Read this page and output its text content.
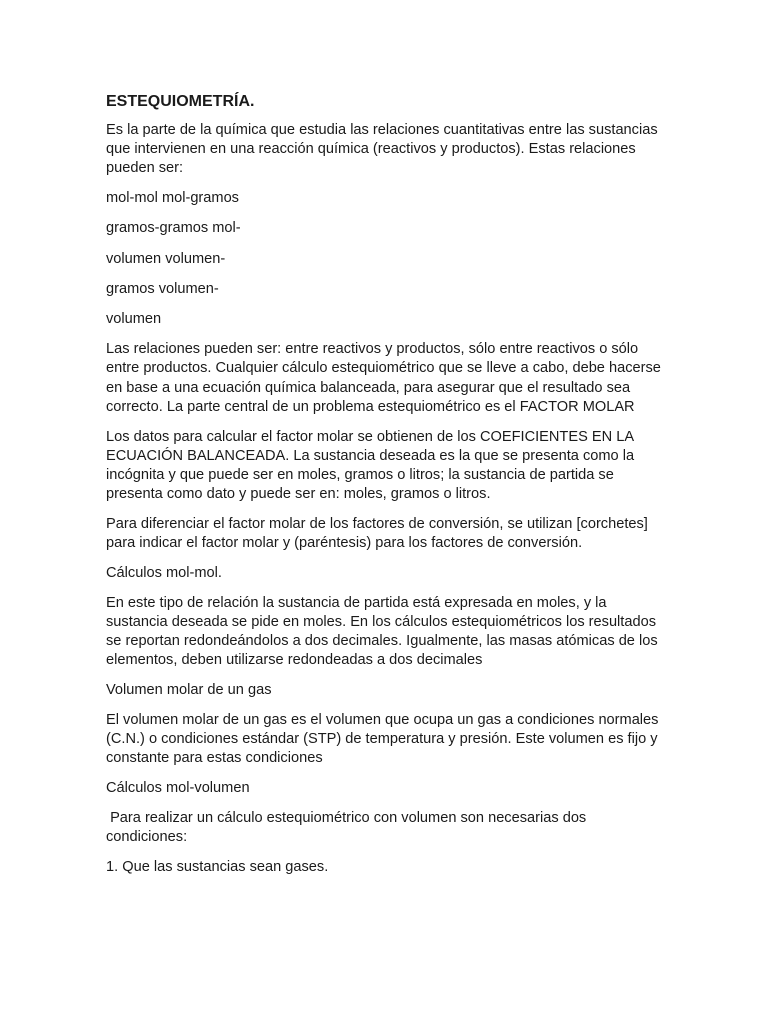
ESTEQUIOMETRÍA.

Es la parte de la química que estudia las relaciones cuantitativas entre las sustancias que intervienen en una reacción química (reactivos y productos). Estas relaciones pueden ser:

mol-mol mol-gramos

gramos-gramos mol-

volumen volumen-

gramos volumen-

volumen

Las relaciones pueden ser: entre reactivos y productos, sólo entre reactivos o sólo entre productos. Cualquier cálculo estequiométrico que se lleve a cabo, debe hacerse en base a una ecuación química balanceada, para asegurar que el resultado sea correcto. La parte central de un problema estequiométrico es el FACTOR MOLAR

Los datos para calcular el factor molar se obtienen de los COEFICIENTES EN LA ECUACIÓN BALANCEADA. La sustancia deseada es la que se presenta como la incógnita y que puede ser en moles, gramos o litros; la sustancia de partida se presenta como dato y puede ser en: moles, gramos o litros.

Para diferenciar el factor molar de los factores de conversión, se utilizan [corchetes] para indicar el factor molar y (paréntesis) para los factores de conversión.

Cálculos mol-mol.

En este tipo de relación la sustancia de partida está expresada en moles, y la sustancia deseada se pide en moles. En los cálculos estequiométricos los resultados se reportan redondeándolos a dos decimales. Igualmente, las masas atómicas de los elementos, deben utilizarse redondeadas a dos decimales

Volumen molar de un gas

El volumen molar de un gas es el volumen que ocupa un gas a condiciones normales (C.N.) o condiciones estándar (STP) de temperatura y presión. Este volumen es fijo y constante para estas condiciones

Cálculos mol-volumen

Para realizar un cálculo estequiométrico con volumen son necesarias dos condiciones:

1. Que las sustancias sean gases.
